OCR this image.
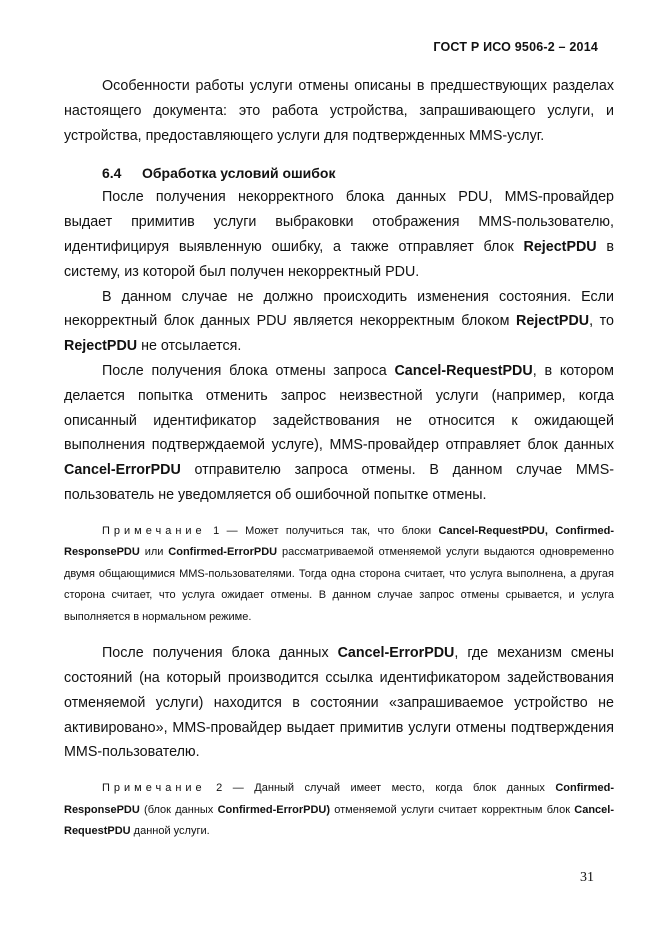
ГОСТ Р ИСО 9506-2 – 2014

Особенности работы услуги отмены описаны в предшествующих разделах настоящего документа: это работа устройства, запрашивающего услуги, и устройства, предоставляющего услуги для подтвержденных MMS-услуг.

6.4 Обработка условий ошибок

После получения некорректного блока данных PDU, MMS-провайдер выдает примитив услуги выбраковки отображения MMS-пользователю, идентифицируя выявленную ошибку, а также отправляет блок RejectPDU в систему, из которой был получен некорректный PDU.

В данном случае не должно происходить изменения состояния. Если некорректный блок данных PDU является некорректным блоком RejectPDU, то RejectPDU не отсылается.

После получения блока отмены запроса Cancel-RequestPDU, в котором делается попытка отменить запрос неизвестной услуги (например, когда описанный идентификатор задействования не относится к ожидающей выполнения подтверждаемой услуге), MMS-провайдер отправляет блок данных Cancel-ErrorPDU отправителю запроса отмены. В данном случае MMS-пользователь не уведомляется об ошибочной попытке отмены.

Примечание 1 — Может получиться так, что блоки Cancel-RequestPDU, Confirmed-ResponsePDU или Confirmed-ErrorPDU рассматриваемой отменяемой услуги выдаются одновременно двумя общающимися MMS-пользователями. Тогда одна сторона считает, что услуга выполнена, а другая сторона считает, что услуга ожидает отмены. В данном случае запрос отмены срывается, и услуга выполняется в нормальном режиме.

После получения блока данных Cancel-ErrorPDU, где механизм смены состояний (на который производится ссылка идентификатором задействования отменяемой услуги) находится в состоянии «запрашиваемое устройство не активировано», MMS-провайдер выдает примитив услуги отмены подтверждения MMS-пользователю.

Примечание 2 — Данный случай имеет место, когда блок данных Confirmed-ResponsePDU (блок данных Confirmed-ErrorPDU) отменяемой услуги считает корректным блок Cancel-RequestPDU данной услуги.

31
